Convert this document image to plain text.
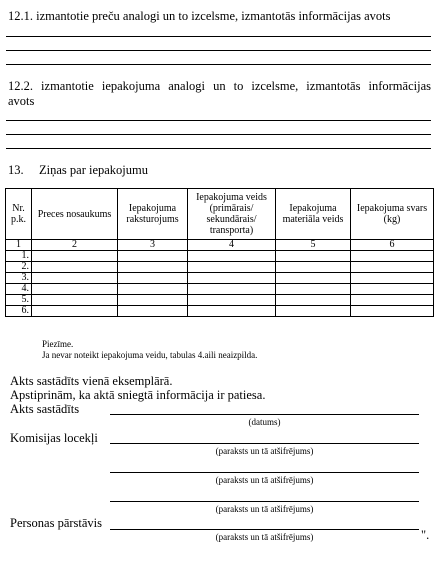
12.1. izmantotie preču analogi un to izcelsme, izmantotās informācijas avots
12.2. izmantotie iepakojuma analogi un to izcelsme, izmantotās informācijas
avots
13. Ziņas par iepakojumu
Nr. p.k.	Preces nosaukums	Iepakojuma raksturojums	Iepakojuma veids (primārais/ sekundārais/ transporta)	Iepakojuma materiāla veids	Iepakojuma svars (kg)
1	2	3	4	5	6
1.					
2.					
3.					
4.					
5.					
6.					
Piezīme.
Ja nevar noteikt iepakojuma veidu, tabulas 4.aili neaizpilda.
Akts sastādīts vienā eksemplārā.
Apstiprinām, ka aktā sniegtā informācija ir patiesa.
Akts sastādīts
(datums)
Komisijas locekļi
(paraksts un tā atšifrējums)
(paraksts un tā atšifrējums)
(paraksts un tā atšifrējums)
Personas pārstāvis
(paraksts un tā atšifrējums)	".
